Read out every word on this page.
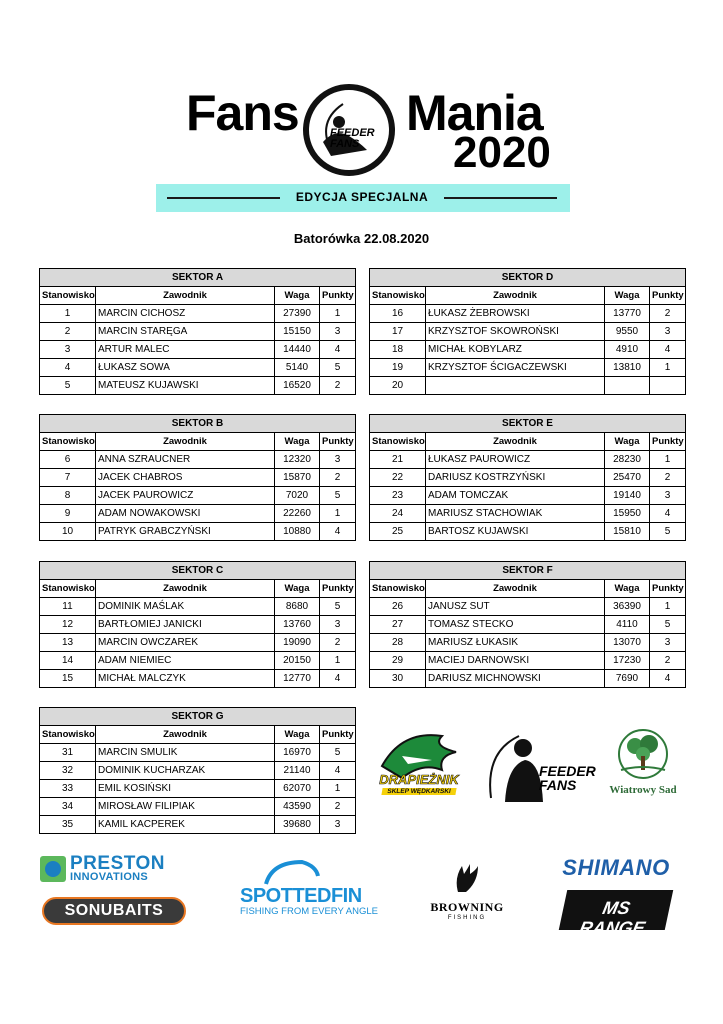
Fans	FEEDER FANS
Mania
2020
EDYCJA SPECJALNA
Batorówka 22.08.2020
SEKTOR A			
Stanowisko	Zawodnik	Waga	Punkty
1	MARCIN CICHOSZ	27390	1
2	MARCIN STARĘGA	15150	3
3	ARTUR MALEC	14440	4
4	ŁUKASZ SOWA	5140	5
5	MATEUSZ KUJAWSKI	16520	2
SEKTOR B			
Stanowisko	Zawodnik	Waga	Punkty
6	ANNA SZRAUCNER	12320	3
7	JACEK CHABROS	15870	2
8	JACEK PAUROWICZ	7020	5
9	ADAM NOWAKOWSKI	22260	1
10	PATRYK GRABCZYŃSKI	10880	4
SEKTOR C			
Stanowisko	Zawodnik	Waga	Punkty
11	DOMINIK MAŚLAK	8680	5
12	BARTŁOMIEJ JANICKI	13760	3
13	MARCIN OWCZAREK	19090	2
14	ADAM NIEMIEC	20150	1
15	MICHAŁ MALCZYK	12770	4
SEKTOR D			
Stanowisko	Zawodnik	Waga	Punkty
16	ŁUKASZ ŻEBROWSKI	13770	2
17	KRZYSZTOF SKOWROŃSKI	9550	3
18	MICHAŁ KOBYLARZ	4910	4
19	KRZYSZTOF ŚCIGACZEWSKI	13810	1
20			
SEKTOR E			
Stanowisko	Zawodnik	Waga	Punkty
21	ŁUKASZ PAUROWICZ	28230	1
22	DARIUSZ KOSTRZYŃSKI	25470	2
23	ADAM TOMCZAK	19140	3
24	MARIUSZ STACHOWIAK	15950	4
25	BARTOSZ KUJAWSKI	15810	5
SEKTOR F			
Stanowisko	Zawodnik	Waga	Punkty
26	JANUSZ SUT	36390	1
27	TOMASZ STECKO	4110	5
28	MARIUSZ ŁUKASIK	13070	3
29	MACIEJ DARNOWSKI	17230	2
30	DARIUSZ MICHNOWSKI	7690	4
SEKTOR G			
Stanowisko	Zawodnik	Waga	Punkty
31	MARCIN SMULIK	16970	5
32	DOMINIK KUCHARZAK	21140	4
33	EMIL KOSIŃSKI	62070	1
34	MIROSŁAW FILIPIAK	43590	2
35	KAMIL KACPEREK	39680	3
DRAPIEŻNIK
SKLEP WĘDKARSKI
FEEDER FANS	Wiatrowy Sad
PRESTON
INNOVATIONS
SONUBAITS
SPOTTEDFIN
FISHING FROM EVERY ANGLE	BROWNING
FISHING
SHIMANO
MS RANGE
